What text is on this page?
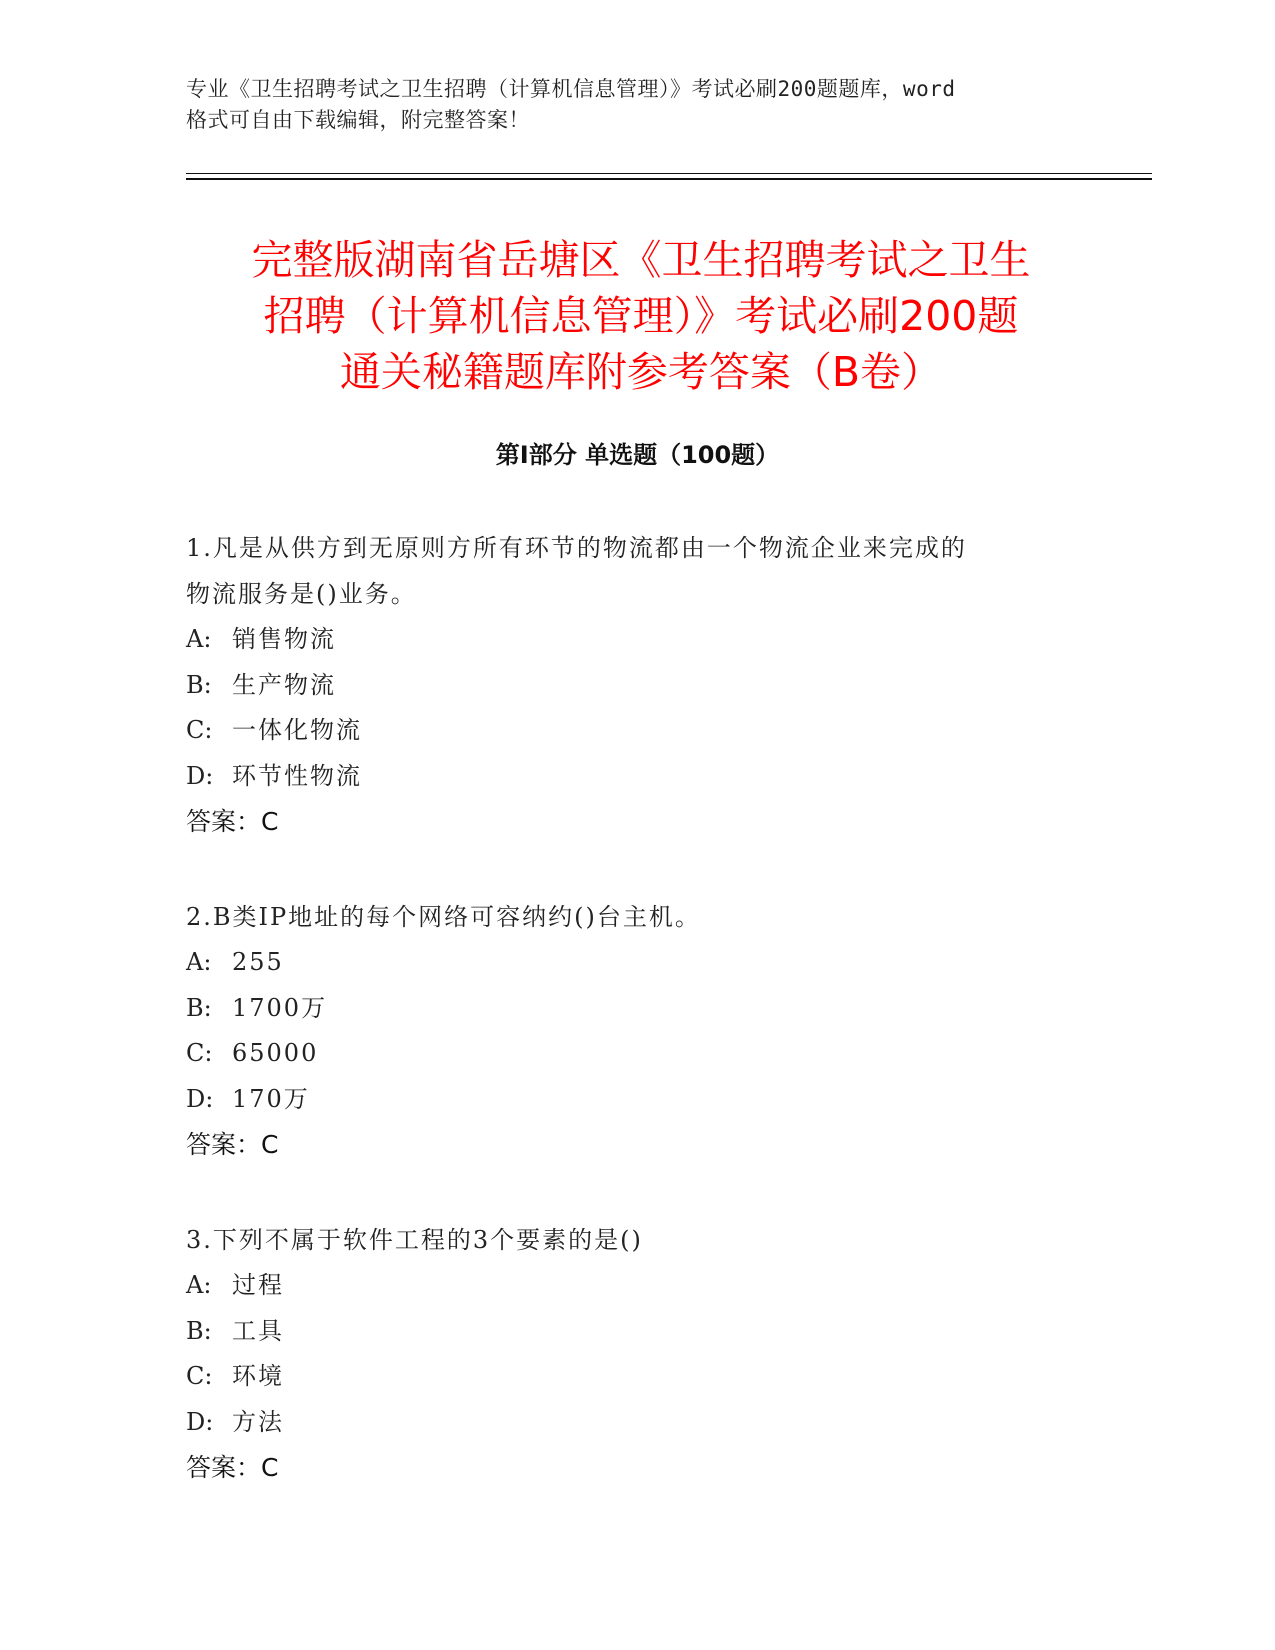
专业《卫生招聘考试之卫生招聘（计算机信息管理）》考试必刷200题题库，word
格式可自由下载编辑，附完整答案！
完整版湖南省岳塘区《卫生招聘考试之卫生
招聘（计算机信息管理）》考试必刷200题
通关秘籍题库附参考答案（B卷）
第Ⅰ部分 单选题（100题）

1.凡是从供方到无原则方所有环节的物流都由一个物流企业来完成的
物流服务是()业务。

A: 销售物流

B: 生产物流

C: 一体化物流

D: 环节性物流

答案：C

2.B类IP地址的每个网络可容纳约()台主机。

A: 255

B: 1700万

C: 65000

D: 170万

答案：C

3.下列不属于软件工程的3个要素的是()

A: 过程

B: 工具

C: 环境

D: 方法

答案：C
